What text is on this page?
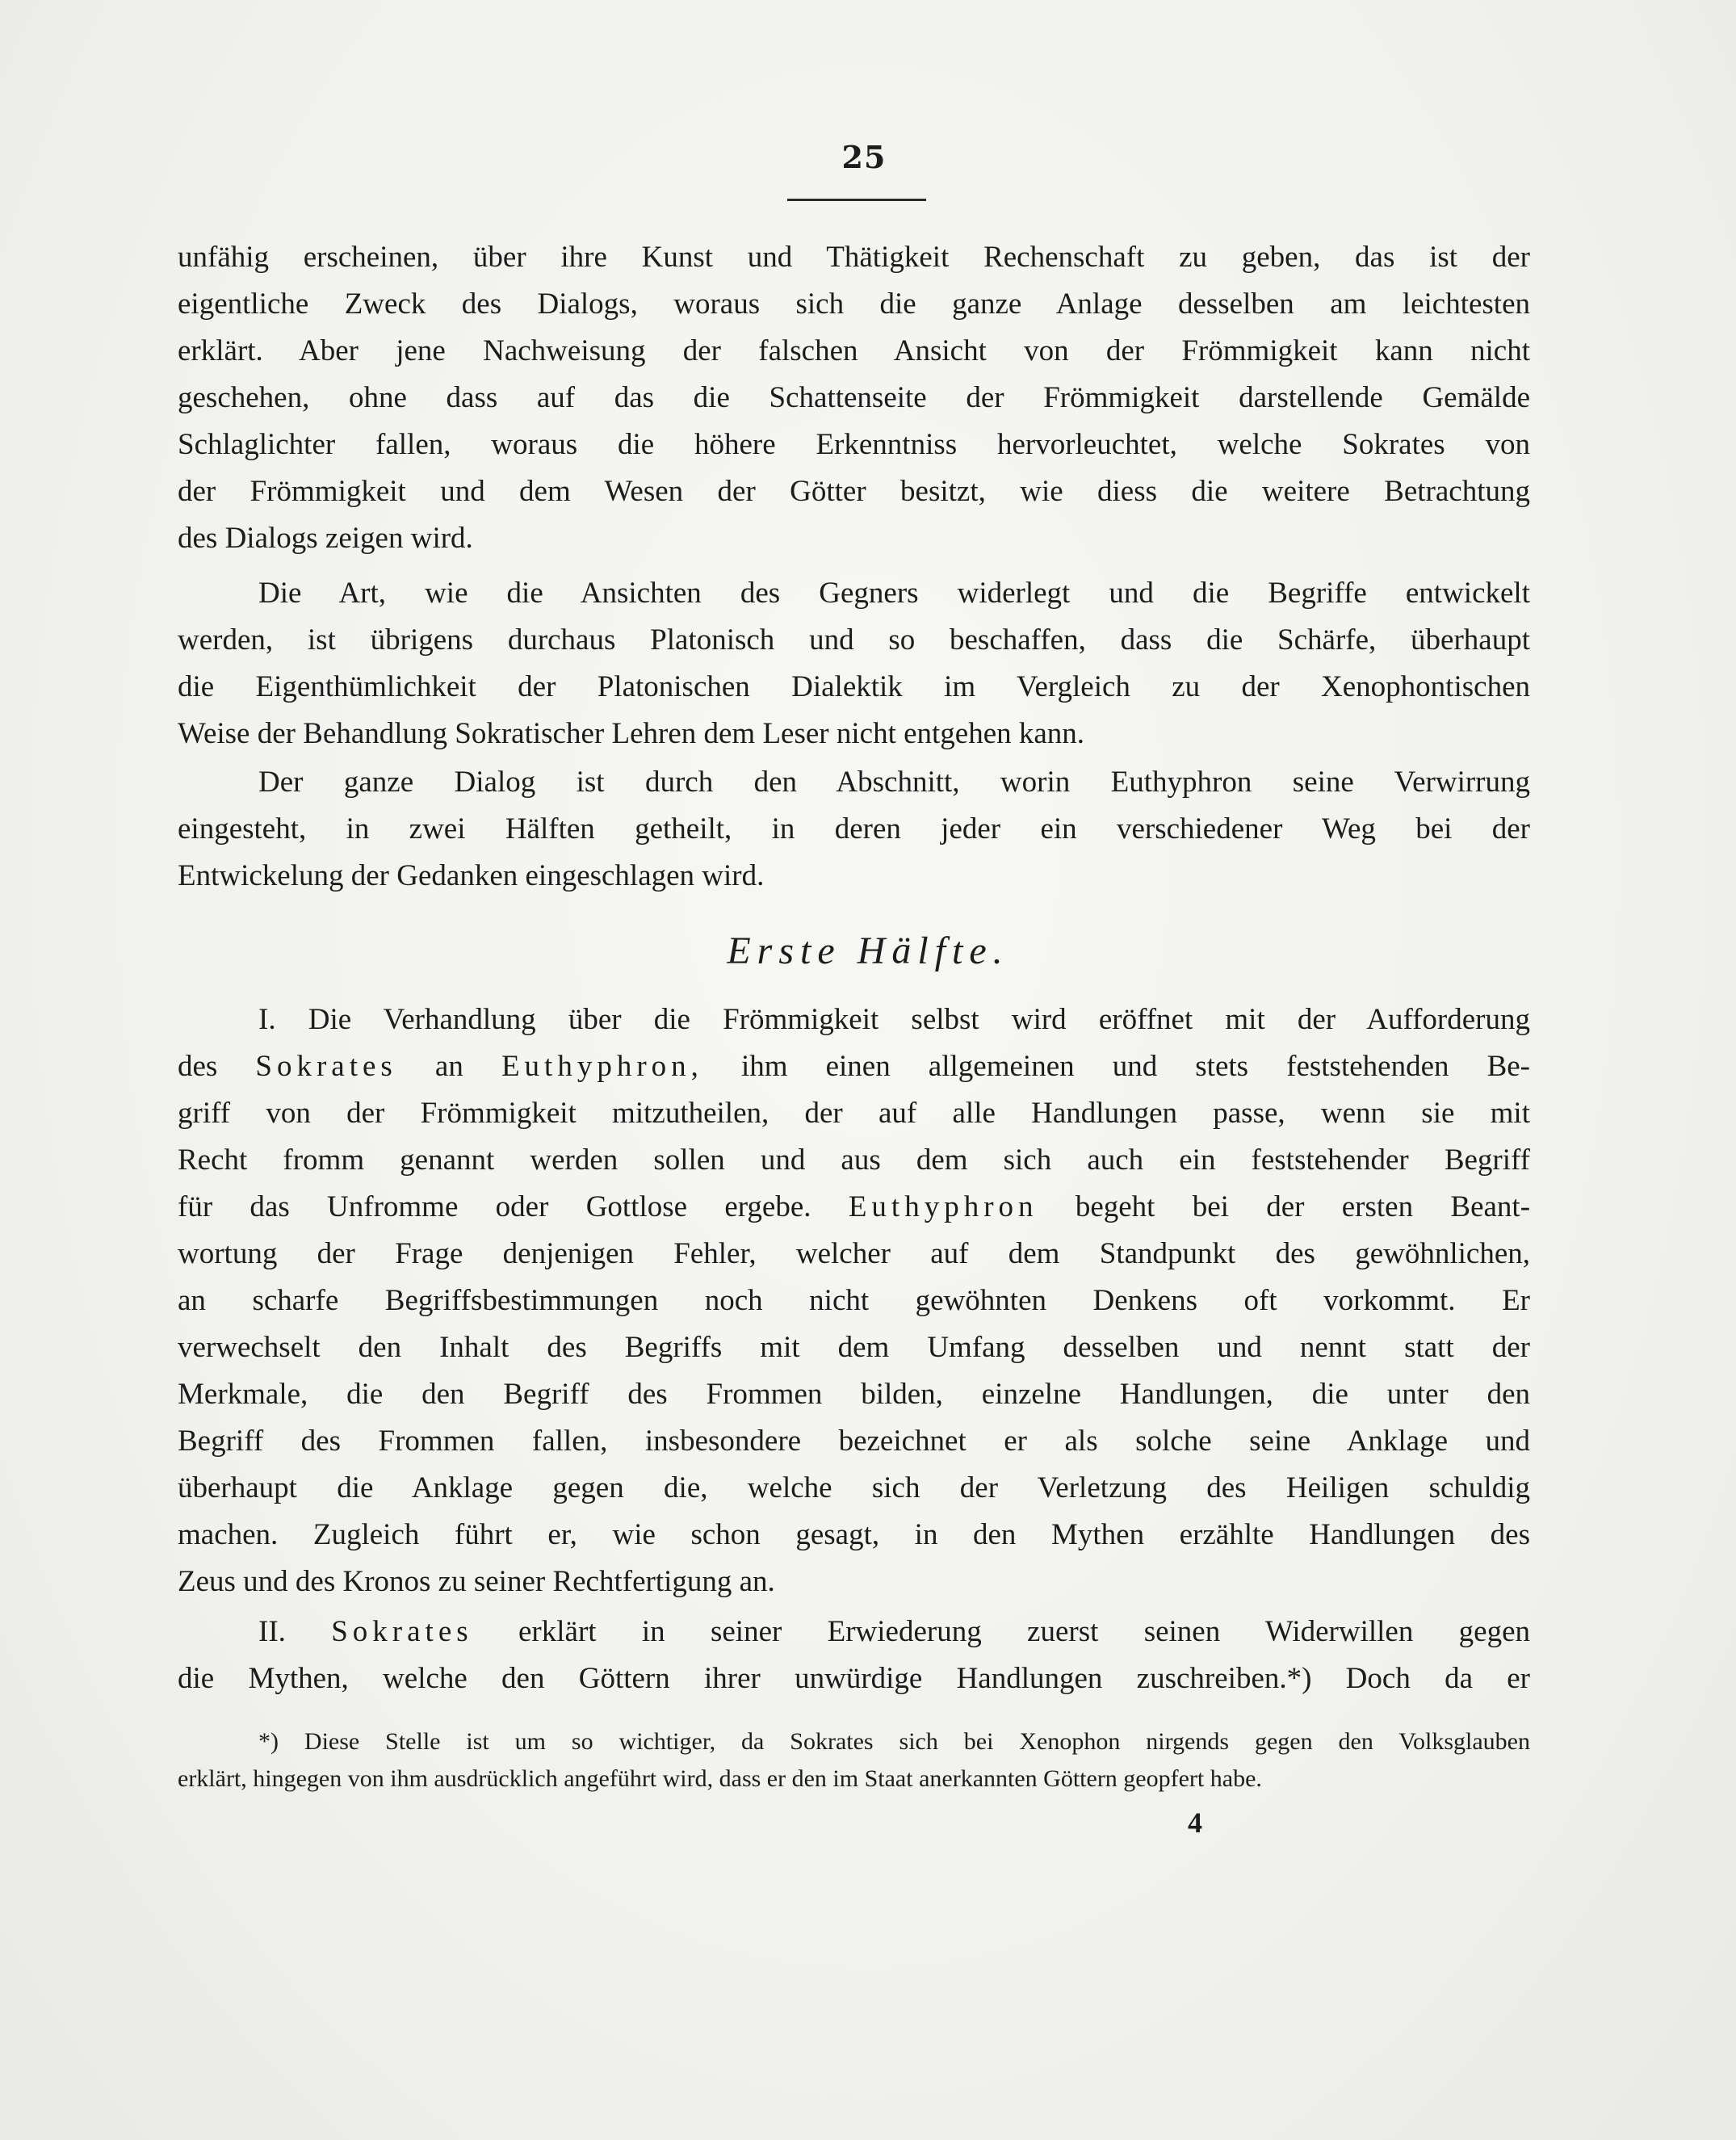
25
unfähig erscheinen, über ihre Kunst und Thätigkeit Rechenschaft zu geben, das ist der
eigentliche Zweck des Dialogs, woraus sich die ganze Anlage desselben am leichtesten
erklärt. Aber jene Nachweisung der falschen Ansicht von der Frömmigkeit kann nicht
geschehen, ohne dass auf das die Schattenseite der Frömmigkeit darstellende Gemälde
Schlaglichter fallen, woraus die höhere Erkenntniss hervorleuchtet, welche Sokrates von
der Frömmigkeit und dem Wesen der Götter besitzt, wie diess die weitere Betrachtung
des Dialogs zeigen wird.
Die Art, wie die Ansichten des Gegners widerlegt und die Begriffe entwickelt
werden, ist übrigens durchaus Platonisch und so beschaffen, dass die Schärfe, überhaupt
die Eigenthümlichkeit der Platonischen Dialektik im Vergleich zu der Xenophontischen
Weise der Behandlung Sokratischer Lehren dem Leser nicht entgehen kann.
Der ganze Dialog ist durch den Abschnitt, worin Euthyphron seine Verwirrung
eingesteht, in zwei Hälften getheilt, in deren jeder ein verschiedener Weg bei der
Entwickelung der Gedanken eingeschlagen wird.
Erste Hälfte.
I. Die Verhandlung über die Frömmigkeit selbst wird eröffnet mit der Aufforderung
des Sokrates an Euthyphron, ihm einen allgemeinen und stets feststehenden Be-
griff von der Frömmigkeit mitzutheilen, der auf alle Handlungen passe, wenn sie mit
Recht fromm genannt werden sollen und aus dem sich auch ein feststehender Begriff
für das Unfromme oder Gottlose ergebe. Euthyphron begeht bei der ersten Beant-
wortung der Frage denjenigen Fehler, welcher auf dem Standpunkt des gewöhnlichen,
an scharfe Begriffsbestimmungen noch nicht gewöhnten Denkens oft vorkommt. Er
verwechselt den Inhalt des Begriffs mit dem Umfang desselben und nennt statt der
Merkmale, die den Begriff des Frommen bilden, einzelne Handlungen, die unter den
Begriff des Frommen fallen, insbesondere bezeichnet er als solche seine Anklage und
überhaupt die Anklage gegen die, welche sich der Verletzung des Heiligen schuldig
machen. Zugleich führt er, wie schon gesagt, in den Mythen erzählte Handlungen des
Zeus und des Kronos zu seiner Rechtfertigung an.
II. Sokrates erklärt in seiner Erwiederung zuerst seinen Widerwillen gegen
die Mythen, welche den Göttern ihrer unwürdige Handlungen zuschreiben.*) Doch da er
*) Diese Stelle ist um so wichtiger, da Sokrates sich bei Xenophon nirgends gegen den Volksglauben
erklärt, hingegen von ihm ausdrücklich angeführt wird, dass er den im Staat anerkannten Göttern geopfert habe.
4
